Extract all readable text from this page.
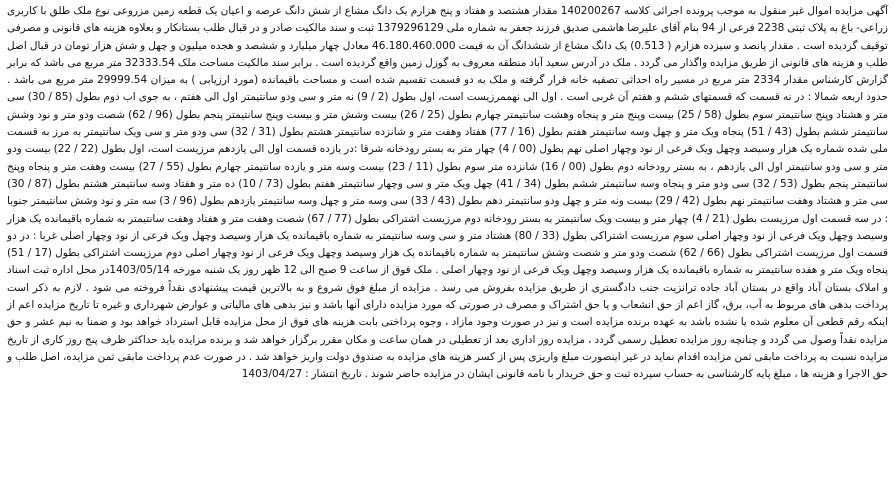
آگهی مزایده اموال غیر منقول به موجب پرونده اجرائی کلاسه 140200267 مقدار هشتصد و هفتاد و پنج هزارم یک دانگ مشاع از شش دانگ عرصه و اعیان یک قطعه زمین مزروعی نوع ملک طلق با کاربری زراعی- باغ به پلاک ثبتی 2238 فرعی از 94 بنام آقای علیرضا هاشمی صدیق فرزند جعفر به شماره ملی 1379296129 ثبت و سند مالکیت صادر و در قبال طلب بستانکار و بعلاوه هزینه های قانونی و مصرفی توقیف گردیده است . مقدار پانصد و سیزده هزارم ( 0.513) یک دانگ مشاع از ششدانگ آن به قیمت 46.180.460.000 معادل چهار میلیارد و ششصد و هجده میلیون و چهل و شش هزار تومان در قبال اصل طلب و هزینه های قانونی از طریق مزایده واگذار می گردد . ملک در آدرس سعید آباد منطقه معروف به گوزل زمین واقع گردیده است . برابر سند مالکیت مساحت ملک 32333.54 متر مربع می باشد که برابر گزارش کارشناس مقدار 2334 متر مربع در مسیر راه احداثی تصفیه خانه قرار گرفته و ملک به دو قسمت تقسیم شده است و مساحت باقیمانده (مورد ارزیابی ) به میزان 29999.54 متر مربع می باشد . حدود اربعه شمالا : در نه قسمت که قسمتهای ششم و هفتم آن غربی است . اول الی نهممرزیست است، اول بطول (2 / 9) نه متر و سی ودو سانتیمتر اول الی هفتم ، به جوی اب دوم بطول (85 / 30) سی متر و هشتاد وپنج سانتیمتر سوم بطول (58 / 25) بیست وپنج متر و پنجاه وهشت سانتیمتر چهارم بطول (25 / 26) بیست وشش متر و بیست وپنج سانتیمتر پنجم بطول (96 / 62) شصت ودو متر و نود وشش سانتیمتر ششم بطول (43 / 51) پنجاه ویک متر و چهل وسه سانتیمتر هفتم بطول (16 / 77) هفتاد وهفت متر و شانزده سانتیمتر هشتم بطول (31 / 32) سی ودو متر و سی ویک سانتیمتر به مرز به قسمت ملی شده شماره یک هزار وسیصد وچهل ویک فرعی از نود وچهار اصلی نهم بطول (00 / 4) چهار متر به بستر رودخانه شرقا :در یازده قسمت اول الی یازدهم مرزیست است، اول بطول (22 / 22) بیست ودو متر و سی ودو سانتیمتر اول الی یازدهم ، به بستر رودخانه دوم بطول (00 / 16) شانزده متر سوم بطول (11 / 23) بیست وسه متر و یازده سانتیمتر چهارم بطول (55 / 27) بیست وهفت متر و پنجاه وپنج سانتیمتر پنجم بطول (53 / 32) سی ودو متر و پنجاه وسه سانتیمتر ششم بطول (34 / 41) چهل ویک متر و سی وچهار سانتیمتر هفتم بطول (73 / 10) ده متر و هفتاد وسه سانتیمتر هشتم بطول (87 / 30) سی متر و هشتاد وهفت سانتیمتر نهم بطول (42 / 29) بیست ونه متر و چهل ودو سانتیمتر دهم بطول (43 / 33) سی وسه متر و چهل وسه سانتیمتر یازدهم بطول (96 / 3) سه متر و نود وشش سانتیمتر جنوبا : در سه قسمت اول مرزیست بطول (21 / 4) چهار متر و بیست ویک سانتیمتر به بستر رودخانه دوم مرزیست اشتراکی بطول (77 / 67) شصت وهفت متر و هفتاد وهفت سانتیمتر به شماره باقیمانده یک هزار وسیصد وچهل ویک فرعی از نود وچهار اصلی سوم مرزیست اشتراکی بطول (33 / 80) هشتاد متر و سی وسه سانتیمتر به شماره باقیمانده یک هزار وسیصد وچهل ویک فرعی از نود وچهار اصلی غربا : در دو قسمت اول مرزیست اشتراکی بطول (66 / 62) شصت ودو متر و شصت وشش سانتیمتر به شماره باقیمانده یک هزار وسیصد وچهل ویک فرعی از نود وچهار اصلی دوم مرزیست اشتراکی بطول (17 / 51) پنجاه ویک متر و هفده سانتیمتر به شماره باقیمانده یک هزار وسیصد وچهل ویک فرعی از نود وچهار اصلی . ملک فوق از ساعت 9 صبح الی 12 ظهر روز یک شنبه مورخه 1403/05/14در محل اداره ثبت اسناد و املاک بستان آباد واقع در بستان آباد جاده ترانزیت جنب دادگستری از طریق مزایده بفروش می رسد . مزایده از مبلغ فوق شروع و به بالاترین قیمت پیشنهادی نقداً فروخته می شود . لازم به ذکر است پرداخت بدهی های مربوط به آب، برق، گاز اعم از حق انشعاب و یا حق اشتراک و مصرف در صورتی که مورد مزایده دارای آنها باشد و نیز بدهی های مالیاتی و عوارض شهرداری و غیره تا تاریخ مزایده اعم از اینکه رقم قطعی آن معلوم شده یا نشده باشد به عهده برنده مزایده است و نیز در صورت وجود مازاد ، وجوه پرداختی بابت هزینه های فوق از محل مزایده قابل استرداد خواهد بود و ضمنا به نیم عشر و حق مزایده نقداً وصول می گردد و چنانچه روز مزایده تعطیل رسمی گردد ، مزایده روز اداری بعد از تعطیلی در همان ساعت و مکان مقرر برگزار خواهد شد و برنده مزایده باید حداکثر ظرف پنج روز کاری از تاریخ مزایده نسبت به پرداخت مابقی ثمن مزایده اقدام نماید در غیر اینصورت مبلغ واریزی پس از کسر هزینه های مزایده به صندوق دولت واریز خواهد شد . در صورت عدم پرداخت مابقی ثمن مزایده، اصل طلب و حق الاجرا و هزینه ها ، مبلغ پایه کارشناسی به حساب سپرده ثبت و حق خریدار با نامه قانونی ایشان در مزایده حاضر شوند . تاریخ انتشار : 1403/04/27
